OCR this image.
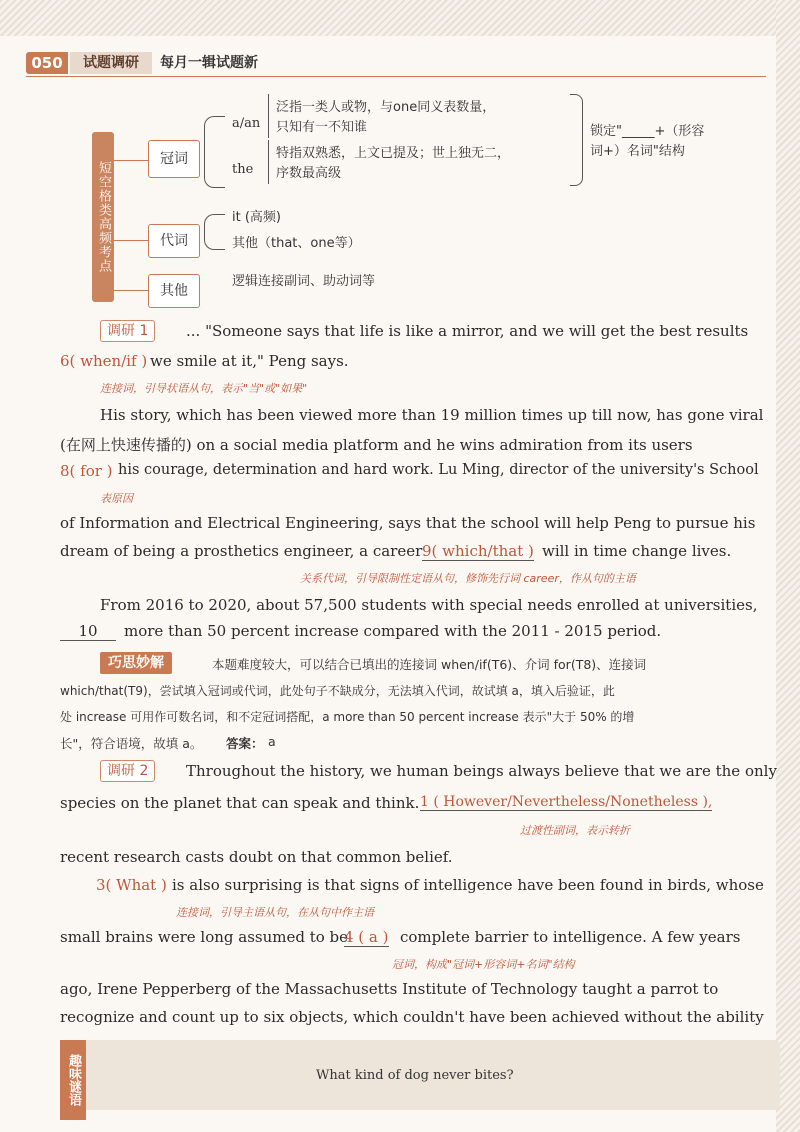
050	试题调研	每月一辑试题新
短空格类高频考点
冠词
代词
其他
a/an
the
泛指一类人或物，与one同义表数量，
只知有一不知谁
特指双熟悉，上文已提及；世上独无二，
序数最高级
锁定"_____+（形容
词+）名词"结构
it (高频)
其他（that、one等）
逻辑连接副词、助动词等
调研 1	... "Someone says that life is like a mirror, and we will get the best results
6( when/if ) we smile at it," Peng says.
连接词，引导状语从句，表示"当"或"如果"
His story, which has been viewed more than 19 million times up till now, has gone viral
(在网上快速传播的) on a social media platform and he wins admiration from its users
8( for ) his courage, determination and hard work. Lu Ming, director of the university's School
表原因
of Information and Electrical Engineering, says that the school will help Peng to pursue his
dream of being a prosthetics engineer, a career 9( which/that ) will in time change lives.
关系代词，引导限制性定语从句，修饰先行词 career，作从句的主语
From 2016 to 2020, about 57,500 students with special needs enrolled at universities,
10	more than 50 percent increase compared with the 2011 - 2015 period.
巧思妙解	本题难度较大，可以结合已填出的连接词 when/if(T6)、介词 for(T8)、连接词
which/that(T9)，尝试填入冠词或代词，此处句子不缺成分，无法填入代词，故试填 a，填入后验证，此
处 increase 可用作可数名词，和不定冠词搭配，a more than 50 percent increase 表示"大于 50% 的增
长"，符合语境，故填 a。 答案： a
调研 2	Throughout the history, we human beings always believe that we are the only
species on the planet that can speak and think. 1 ( However/Nevertheless/Nonetheless ),
过渡性副词，表示转折
recent research casts doubt on that common belief.
3( What ) is also surprising is that signs of intelligence have been found in birds, whose
连接词，引导主语从句，在从句中作主语
small brains were long assumed to be
4 ( a ) complete barrier to intelligence. A few years
冠词，构成"冠词+形容词+名词"结构
ago, Irene Pepperberg of the Massachusetts Institute of Technology taught a parrot to
recognize and count up to six objects, which couldn't have been achieved without the ability
趣味谜语	What kind of dog never bites?
